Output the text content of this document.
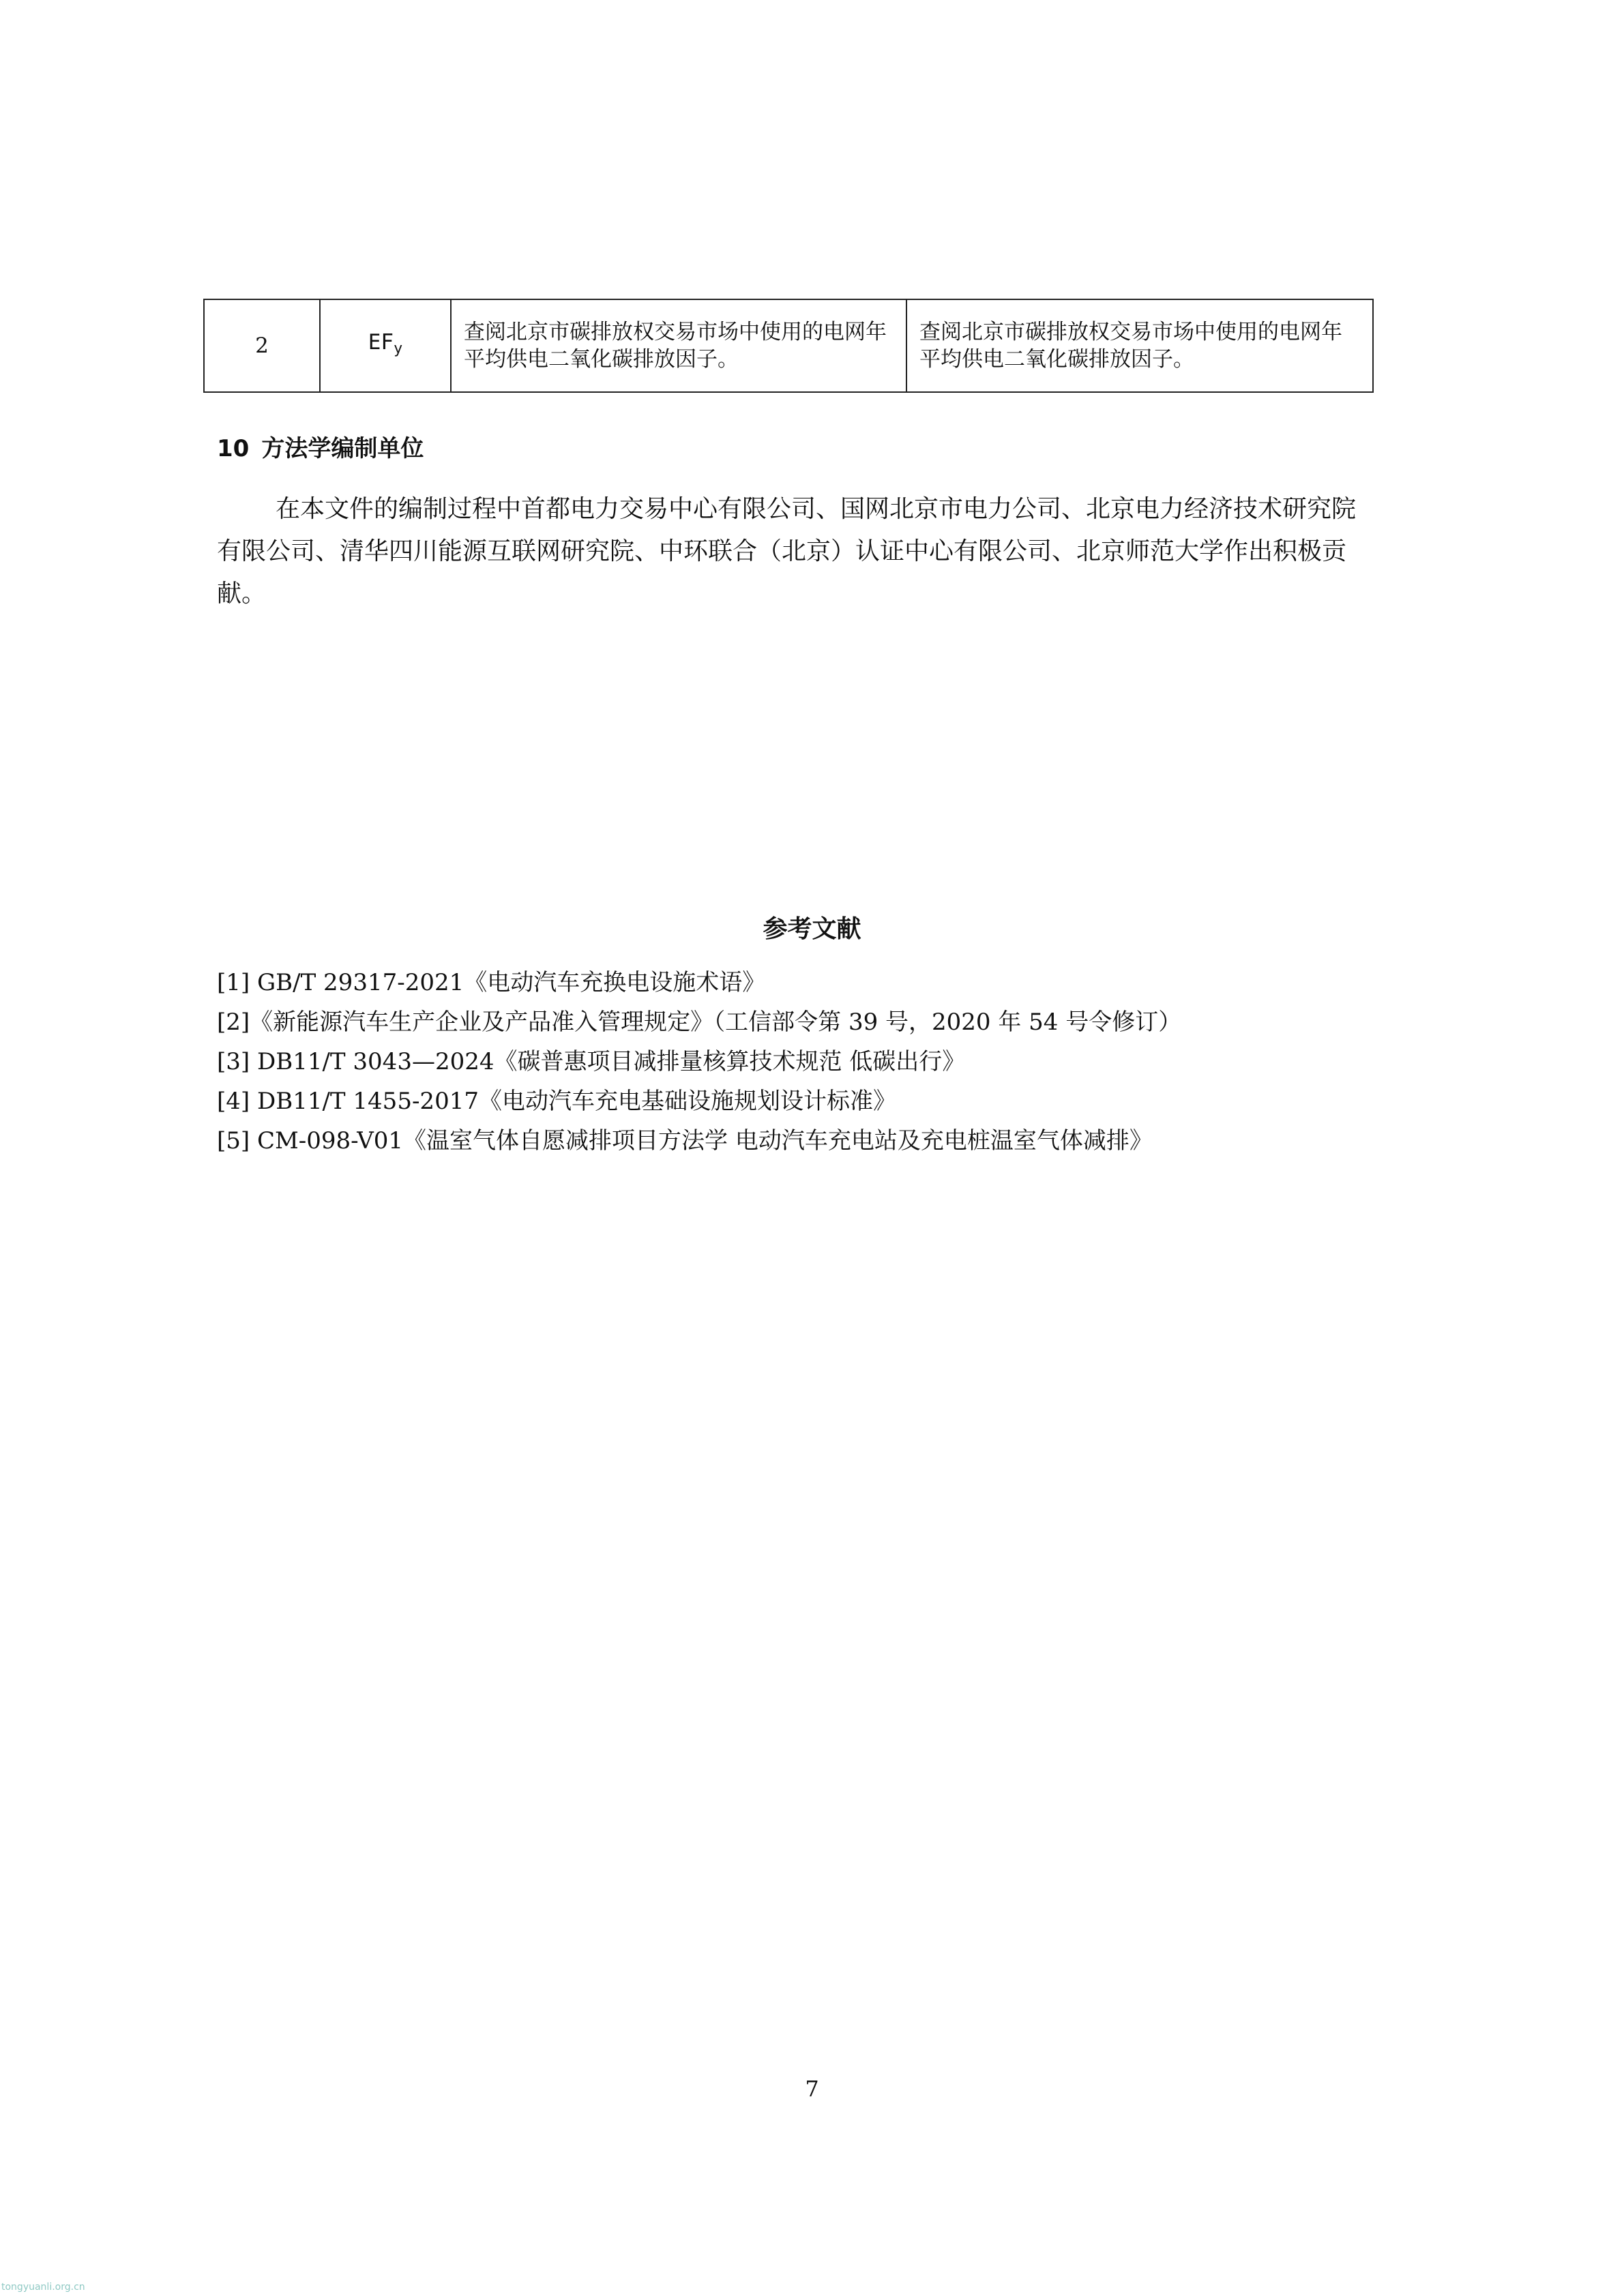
2	EFy	查阅北京市碳排放权交易市场中使用的电网年平均供电二氧化碳排放因子。	查阅北京市碳排放权交易市场中使用的电网年平均供电二氧化碳排放因子。
10 方法学编制单位

在本文件的编制过程中首都电力交易中心有限公司、国网北京市电力公司、北京电力经济技术研究院有限公司、清华四川能源互联网研究院、中环联合（北京）认证中心有限公司、北京师范大学作出积极贡献。

参考文献
[1] GB/T 29317-2021《电动汽车充换电设施术语》
[2]《新能源汽车生产企业及产品准入管理规定》（工信部令第 39 号，2020 年 54 号令修订）
[3] DB11/T 3043—2024《碳普惠项目减排量核算技术规范 低碳出行》
[4] DB11/T 1455-2017《电动汽车充电基础设施规划设计标准》
[5] CM-098-V01《温室气体自愿减排项目方法学 电动汽车充电站及充电桩温室气体减排》
7
tongyuanli.org.cn
